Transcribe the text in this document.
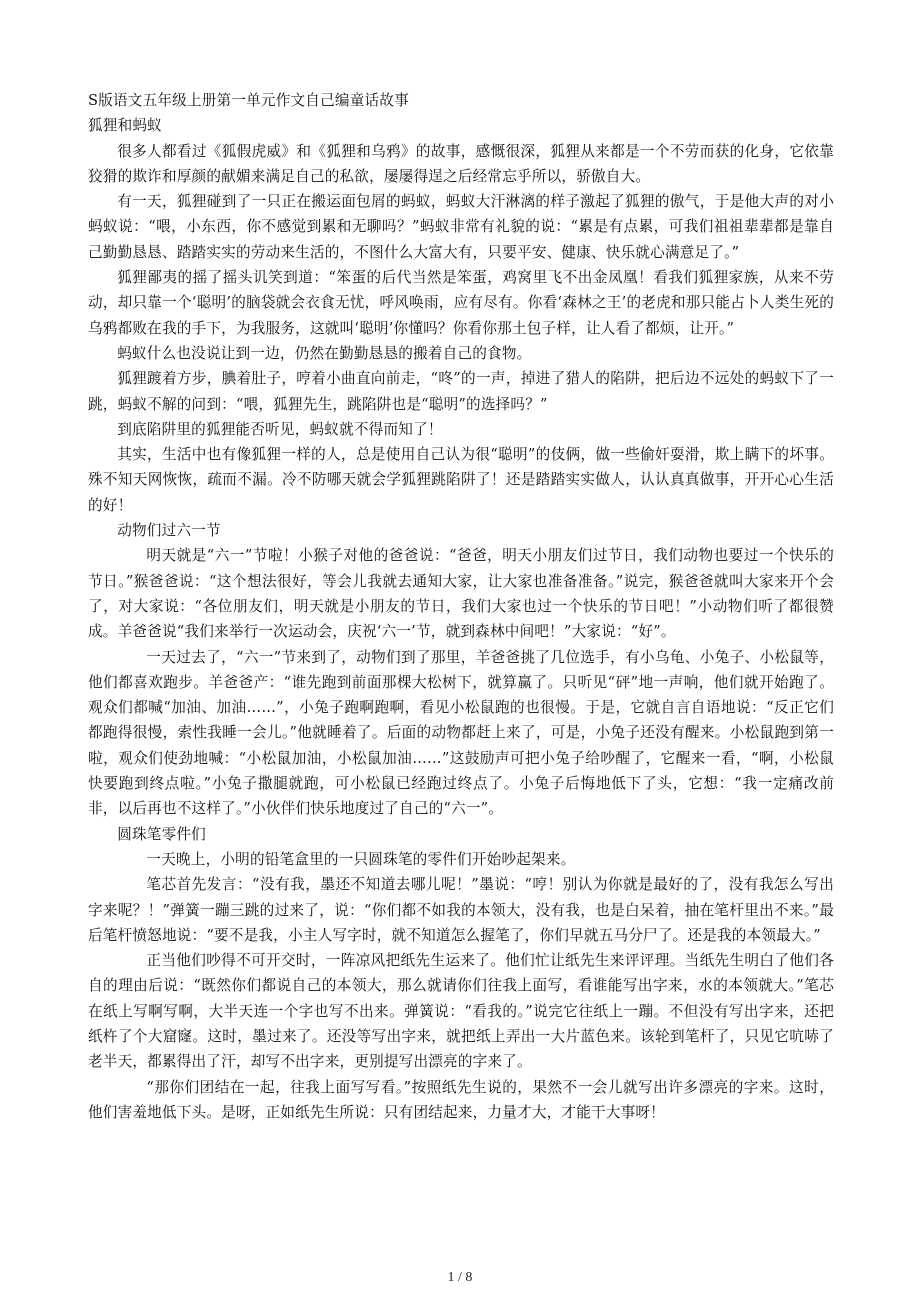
S版语文五年级上册第一单元作文自己编童话故事

狐狸和蚂蚁

很多人都看过《狐假虎威》和《狐狸和乌鸦》的故事，感慨很深，狐狸从来都是一个不劳而获的化身，它依靠狡猾的欺诈和厚颜的献媚来满足自己的私欲，屡屡得逞之后经常忘乎所以，骄傲自大。

有一天，狐狸碰到了一只正在搬运面包屑的蚂蚁，蚂蚁大汗淋漓的样子激起了狐狸的傲气，于是他大声的对小蚂蚁说：“喂，小东西，你不感觉到累和无聊吗？”蚂蚁非常有礼貌的说：“累是有点累，可我们祖祖辈辈都是靠自己勤勤恳恳、踏踏实实的劳动来生活的，不图什么大富大有，只要平安、健康、快乐就心满意足了。”

狐狸鄙夷的摇了摇头讥笑到道：“笨蛋的后代当然是笨蛋，鸡窝里飞不出金凤凰！看我们狐狸家族，从来不劳动，却只靠一个‘聪明’的脑袋就会衣食无忧，呼风唤雨，应有尽有。你看‘森林之王’的老虎和那只能占卜人类生死的乌鸦都败在我的手下，为我服务，这就叫‘聪明’你懂吗？你看你那土包子样，让人看了都烦，让开。”

蚂蚁什么也没说让到一边，仍然在勤勤恳恳的搬着自己的食物。

狐狸踱着方步，腆着肚子，哼着小曲直向前走，“咚”的一声，掉进了猎人的陷阱，把后边不远处的蚂蚁下了一跳，蚂蚁不解的问到：“喂，狐狸先生，跳陷阱也是“聪明”的选择吗？”

到底陷阱里的狐狸能否听见，蚂蚁就不得而知了！

其实，生活中也有像狐狸一样的人，总是使用自己认为很“聪明”的伎俩，做一些偷奸耍滑，欺上瞒下的坏事。殊不知天网恢恢，疏而不漏。冷不防哪天就会学狐狸跳陷阱了！还是踏踏实实做人，认认真真做事，开开心心生活的好！

动物们过六一节

明天就是“六一”节啦！小猴子对他的爸爸说：“爸爸，明天小朋友们过节日，我们动物也要过一个快乐的节日。”猴爸爸说：“这个想法很好，等会儿我就去通知大家，让大家也准备准备。”说完，猴爸爸就叫大家来开个会了，对大家说：“各位朋友们，明天就是小朋友的节日，我们大家也过一个快乐的节日吧！”小动物们听了都很赞成。羊爸爸说“我们来举行一次运动会，庆祝‘六一’节，就到森林中间吧！”大家说：“好”。

一天过去了，“六一”节来到了，动物们到了那里，羊爸爸挑了几位选手，有小乌龟、小兔子、小松鼠等，他们都喜欢跑步。羊爸爸产：“谁先跑到前面那棵大松树下，就算赢了。只听见“砰”地一声响，他们就开始跑了。观众们都喊“加油、加油……”，小兔子跑啊跑啊，看见小松鼠跑的也很慢。于是，它就自言自语地说：“反正它们都跑得很慢，索性我睡一会儿。”他就睡着了。后面的动物都赶上来了，可是，小兔子还没有醒来。小松鼠跑到第一啦，观众们使劲地喊：“小松鼠加油，小松鼠加油……”这鼓励声可把小兔子给吵醒了，它醒来一看，“啊，小松鼠快要跑到终点啦。”小兔子撒腿就跑，可小松鼠已经跑过终点了。小兔子后悔地低下了头，它想：“我一定痛改前非，以后再也不这样了。”小伙伴们快乐地度过了自己的“六一”。

圆珠笔零件们

一天晚上，小明的铅笔盒里的一只圆珠笔的零件们开始吵起架来。

笔芯首先发言：“没有我，墨还不知道去哪儿呢！”墨说：“哼！别认为你就是最好的了，没有我怎么写出字来呢？！”弹簧一蹦三跳的过来了，说：“你们都不如我的本领大，没有我，也是白呆着，抽在笔杆里出不来。”最后笔杆愤怒地说：“要不是我，小主人写字时，就不知道怎么握笔了，你们早就五马分尸了。还是我的本领最大。”

正当他们吵得不可开交时，一阵凉风把纸先生运来了。他们忙让纸先生来评评理。当纸先生明白了他们各自的理由后说：“既然你们都说自己的本领大，那么就请你们往我上面写，看谁能写出字来，水的本领就大。”笔芯在纸上写啊写啊，大半天连一个字也写不出来。弹簧说：“看我的。”说完它往纸上一蹦。不但没有写出字来，还把纸杵了个大窟窿。这时，墨过来了。还没等写出字来，就把纸上弄出一大片蓝色来。该轮到笔杆了，只见它吭哧了老半天，都累得出了汗，却写不出字来，更别提写出漂亮的字来了。

“那你们团结在一起，往我上面写写看。”按照纸先生说的，果然不一会儿就写出许多漂亮的字来。这时，他们害羞地低下头。是呀，正如纸先生所说：只有团结起来，力量才大，才能干大事呀！

1 / 8
